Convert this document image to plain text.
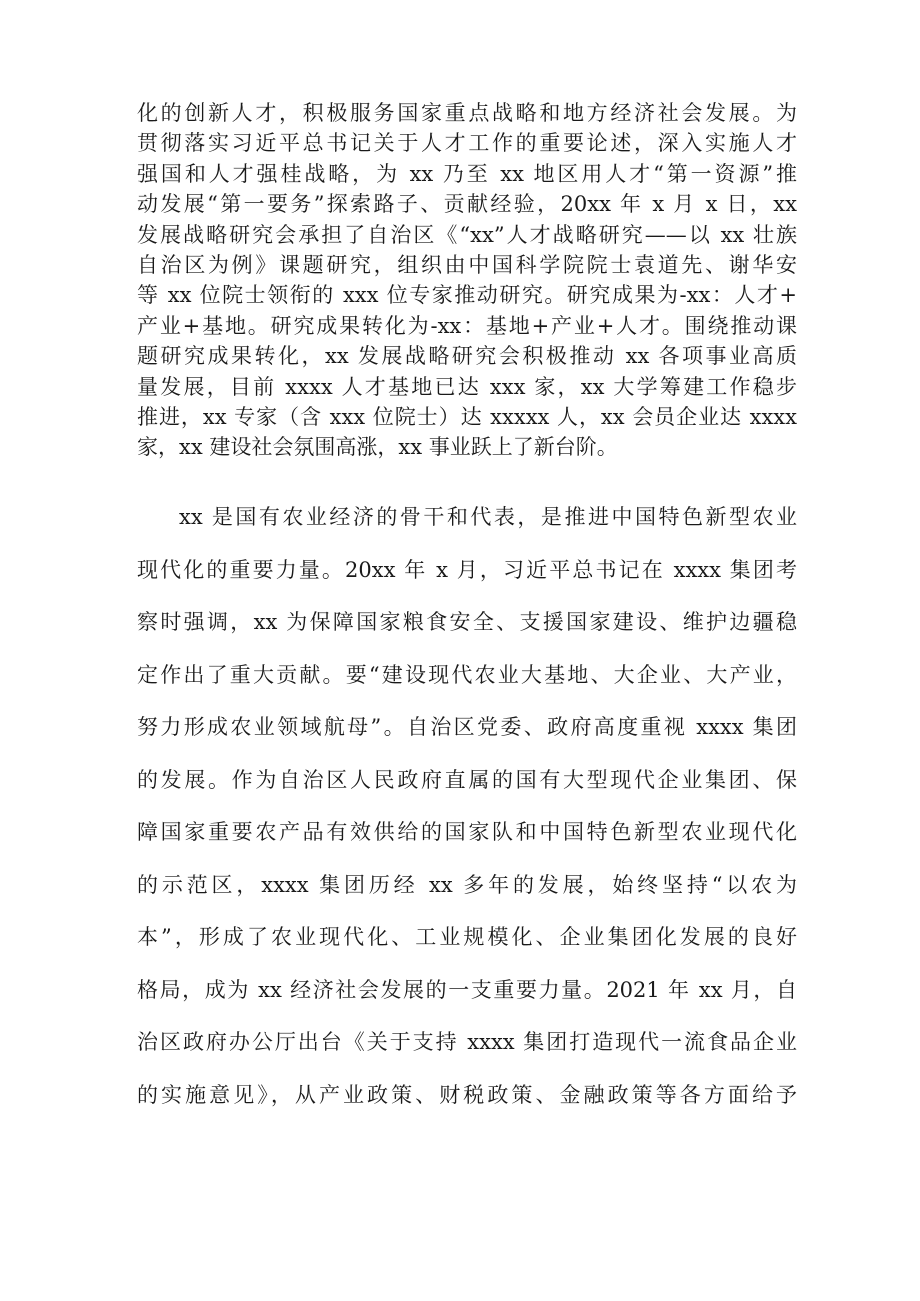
化的创新人才，积极服务国家重点战略和地方经济社会发展。为
贯彻落实习近平总书记关于人才工作的重要论述，深入实施人才
强国和人才强桂战略，为 xx 乃至 xx 地区用人才“第一资源”推
动发展“第一要务”探索路子、贡献经验，20xx 年 x 月 x 日，xx
发展战略研究会承担了自治区《“xx”人才战略研究——以 xx 壮族
自治区为例》课题研究，组织由中国科学院院士袁道先、谢华安
等 xx 位院士领衔的 xxx 位专家推动研究。研究成果为-xx：人才+
产业+基地。研究成果转化为-xx：基地+产业+人才。围绕推动课
题研究成果转化，xx 发展战略研究会积极推动 xx 各项事业高质
量发展，目前 xxxx 人才基地已达 xxx 家，xx 大学筹建工作稳步
推进，xx 专家（含 xxx 位院士）达 xxxxx 人，xx 会员企业达 xxxx
家，xx 建设社会氛围高涨，xx 事业跃上了新台阶。
xx 是国有农业经济的骨干和代表，是推进中国特色新型农业
现代化的重要力量。20xx 年 x 月，习近平总书记在 xxxx 集团考
察时强调，xx 为保障国家粮食安全、支援国家建设、维护边疆稳
定作出了重大贡献。要“建设现代农业大基地、大企业、大产业，
努力形成农业领域航母”。自治区党委、政府高度重视 xxxx 集团
的发展。作为自治区人民政府直属的国有大型现代企业集团、保
障国家重要农产品有效供给的国家队和中国特色新型农业现代化
的示范区，xxxx 集团历经 xx 多年的发展，始终坚持“以农为
本”，形成了农业现代化、工业规模化、企业集团化发展的良好
格局，成为 xx 经济社会发展的一支重要力量。2021 年 xx 月，自
治区政府办公厅出台《关于支持 xxxx 集团打造现代一流食品企业
的实施意见》，从产业政策、财税政策、金融政策等各方面给予
